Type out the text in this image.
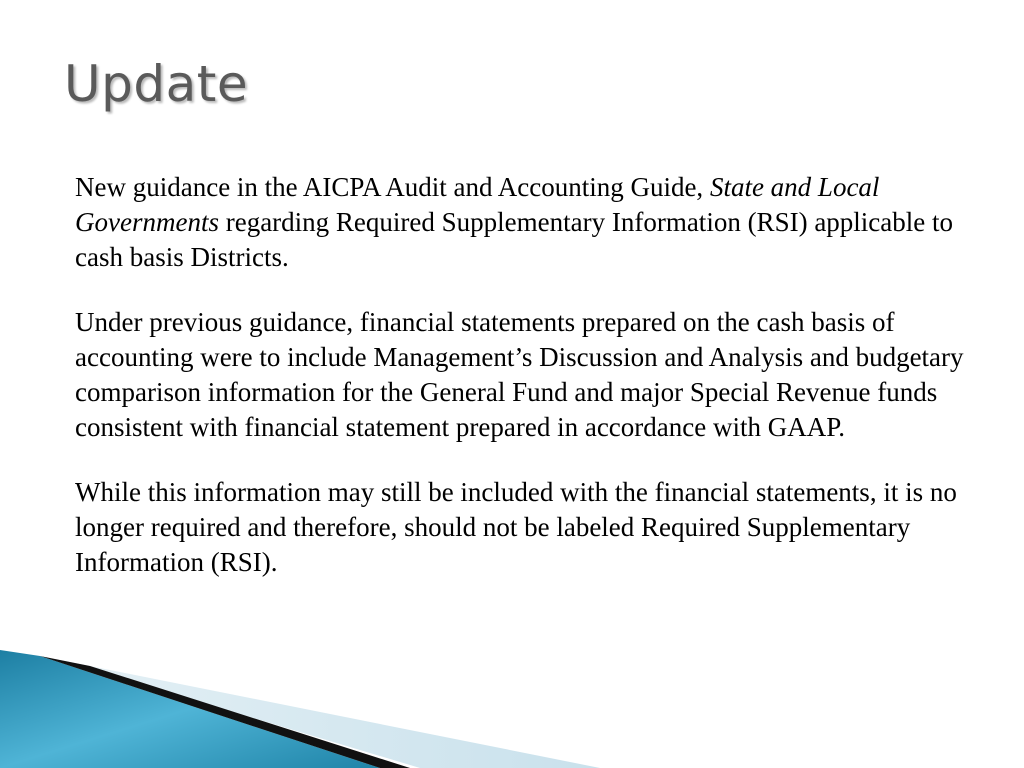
Update

New guidance in the AICPA Audit and Accounting Guide, State and Local Governments regarding Required Supplementary Information (RSI) applicable to cash basis Districts.

Under previous guidance, financial statements prepared on the cash basis of accounting were to include Management’s Discussion and Analysis and budgetary comparison information for the General Fund and major Special Revenue funds consistent with financial statement prepared in accordance with GAAP.

While this information may still be included with the financial statements, it is no longer required and therefore, should not be labeled Required Supplementary Information (RSI).
